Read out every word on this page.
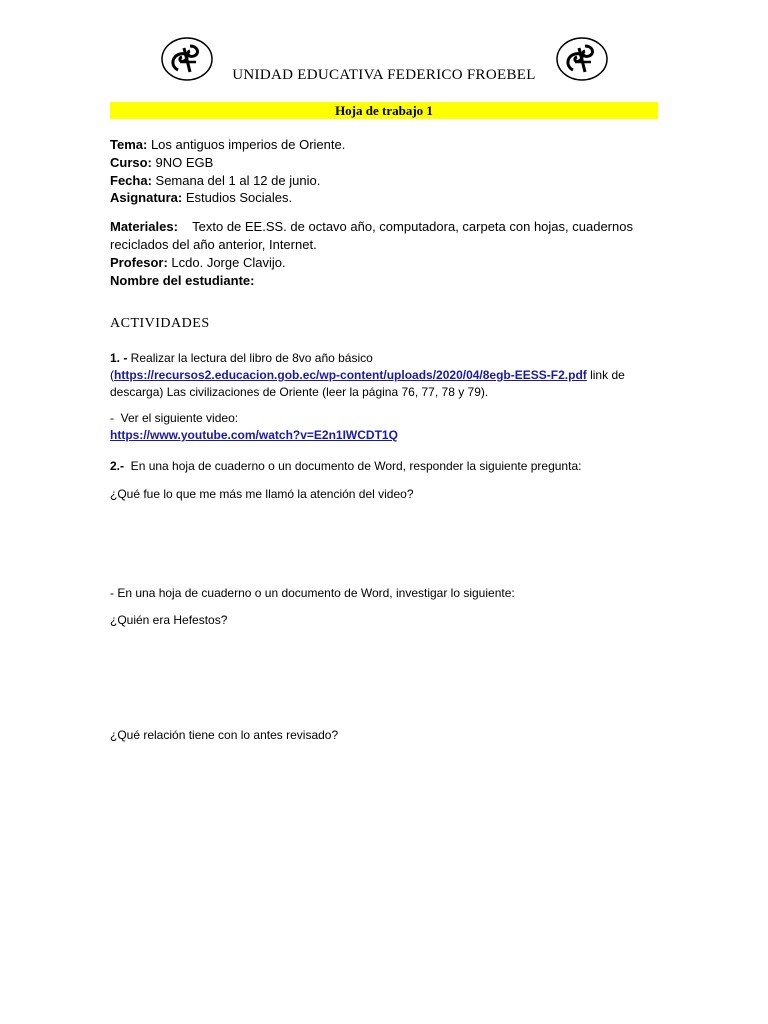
UNIDAD EDUCATIVA FEDERICO FROEBEL
Hoja de trabajo 1
Tema: Los antiguos imperios de Oriente.
Curso: 9NO EGB
Fecha: Semana del 1 al 12 de junio.
Asignatura: Estudios Sociales.
Materiales:    Texto de EE.SS. de octavo año, computadora, carpeta con hojas, cuadernos reciclados del año anterior, Internet.
Profesor: Lcdo. Jorge Clavijo.
Nombre del estudiante:
ACTIVIDADES
1. - Realizar la lectura del libro de 8vo año básico
(https://recursos2.educacion.gob.ec/wp-content/uploads/2020/04/8egb-EESS-F2.pdf link de descarga) Las civilizaciones de Oriente (leer la página 76, 77, 78 y 79).
-  Ver el siguiente video:
https://www.youtube.com/watch?v=E2n1IWCDT1Q
2.-  En una hoja de cuaderno o un documento de Word, responder la siguiente pregunta:
¿Qué fue lo que me más me llamó la atención del video?
- En una hoja de cuaderno o un documento de Word, investigar lo siguiente:
¿Quién era Hefestos?
¿Qué relación tiene con lo antes revisado?
